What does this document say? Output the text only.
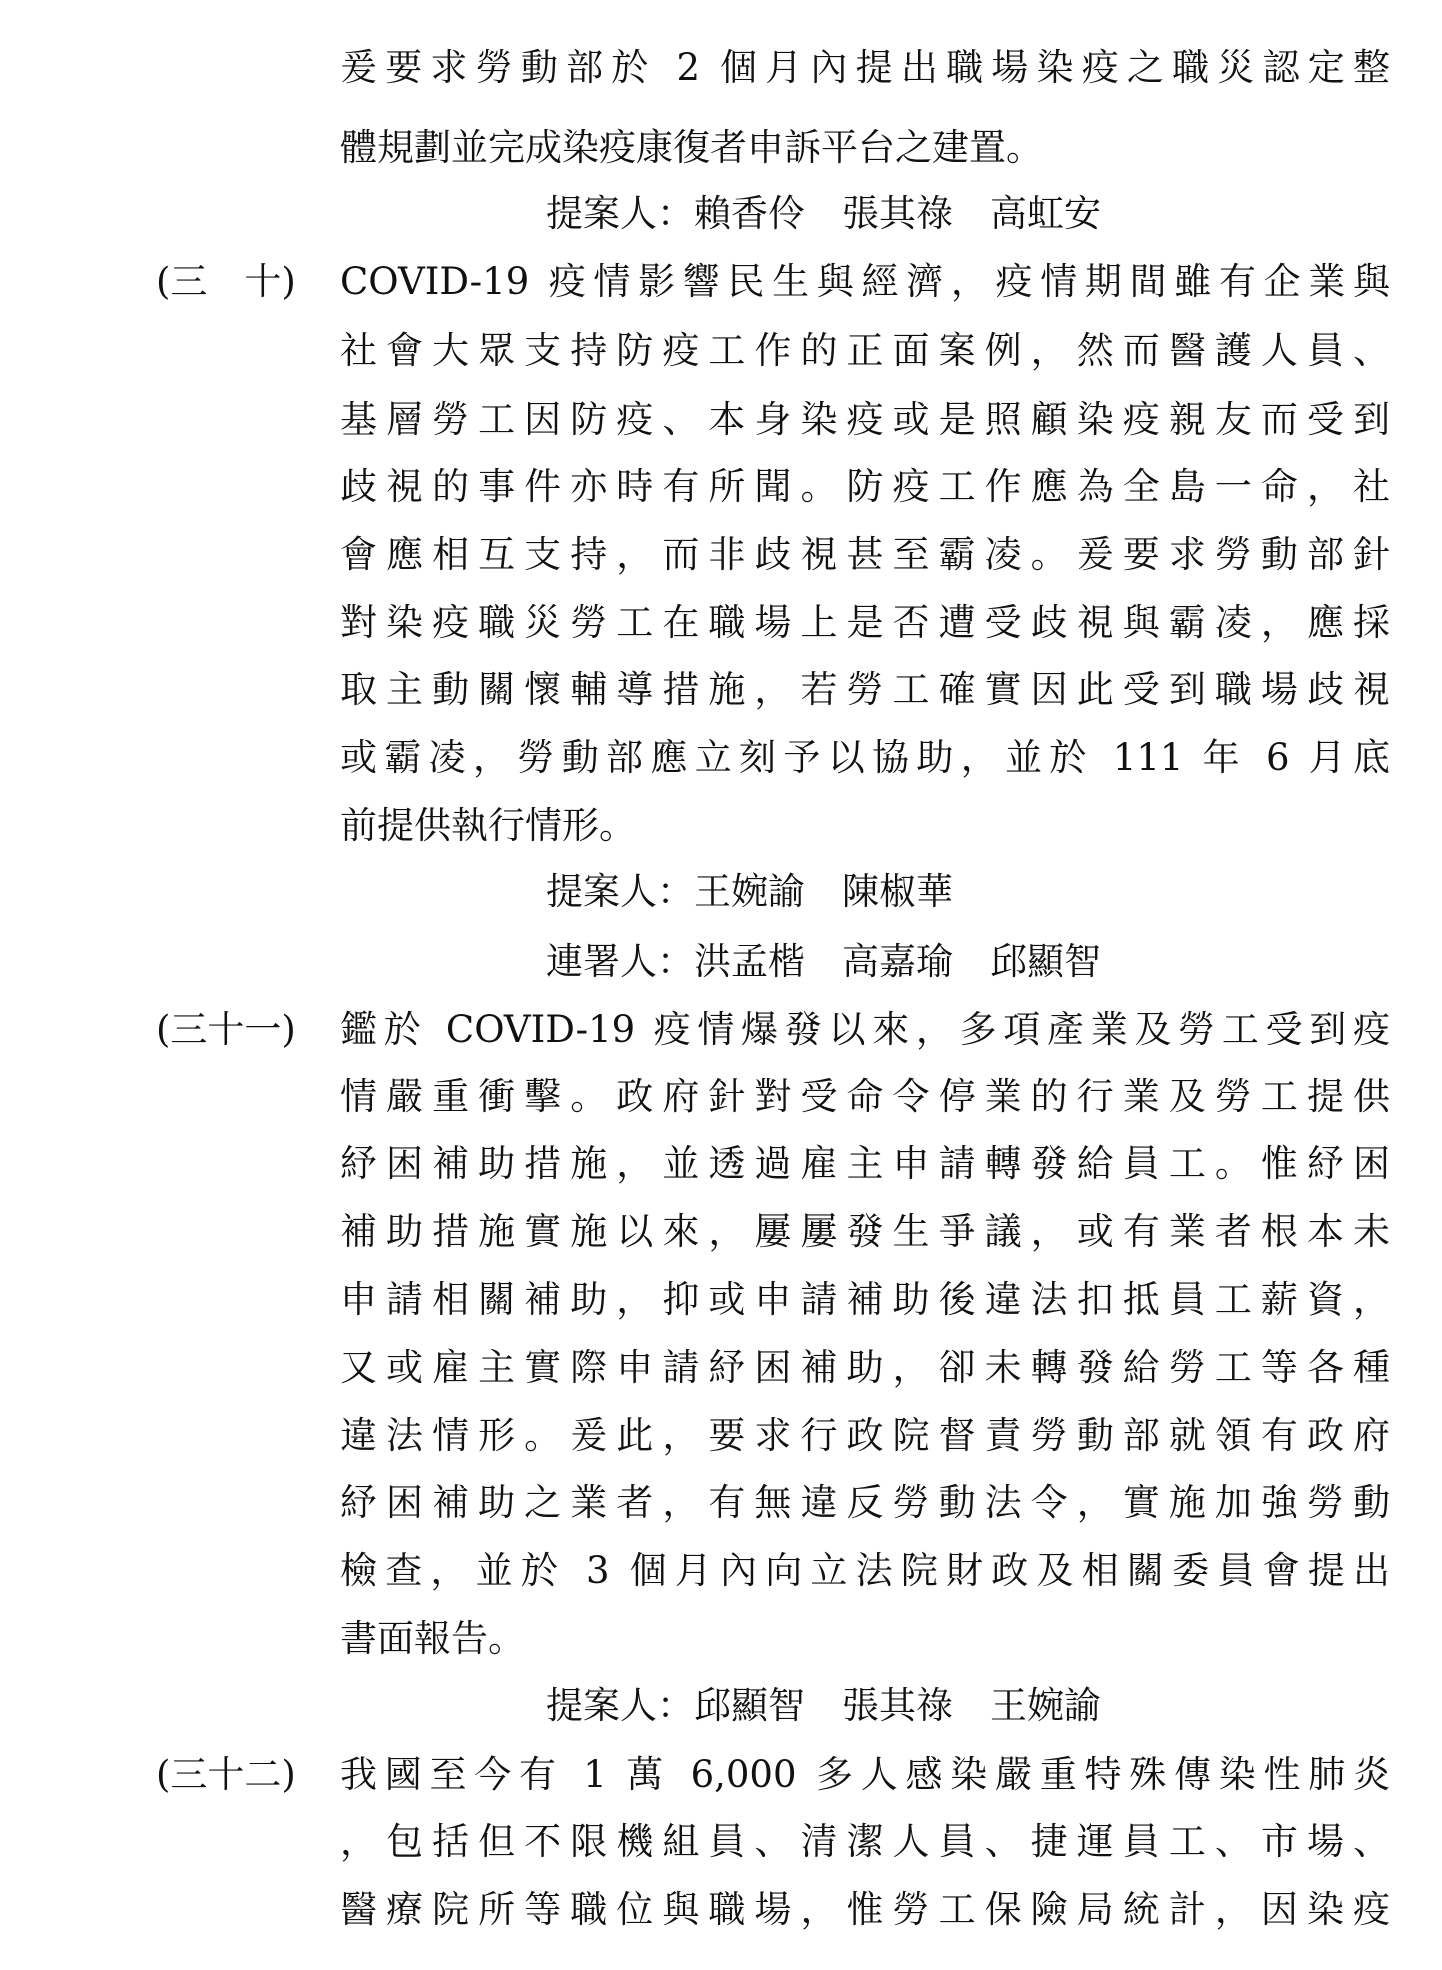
爰要求勞動部於 2 個月內提出職場染疫之職災認定整
體規劃並完成染疫康復者申訴平台之建置。
提案人：賴香伶　張其祿　高虹安
(三　十) COVID-19 疫情影響民生與經濟，疫情期間雖有企業與
社會大眾支持防疫工作的正面案例，然而醫護人員、
基層勞工因防疫、本身染疫或是照顧染疫親友而受到
歧視的事件亦時有所聞。防疫工作應為全島一命，社
會應相互支持，而非歧視甚至霸凌。爰要求勞動部針
對染疫職災勞工在職場上是否遭受歧視與霸凌，應採
取主動關懷輔導措施，若勞工確實因此受到職場歧視
或霸凌，勞動部應立刻予以協助，並於 111 年 6 月底
前提供執行情形。
提案人：王婉諭　陳椒華
連署人：洪孟楷　高嘉瑜　邱顯智
(三十一) 鑑於 COVID-19 疫情爆發以來，多項產業及勞工受到疫
情嚴重衝擊。政府針對受命令停業的行業及勞工提供
紓困補助措施，並透過雇主申請轉發給員工。惟紓困
補助措施實施以來，屢屢發生爭議，或有業者根本未
申請相關補助，抑或申請補助後違法扣抵員工薪資，
又或雇主實際申請紓困補助，卻未轉發給勞工等各種
違法情形。爰此，要求行政院督責勞動部就領有政府
紓困補助之業者，有無違反勞動法令，實施加強勞動
檢查，並於 3 個月內向立法院財政及相關委員會提出
書面報告。
提案人：邱顯智　張其祿　王婉諭
(三十二) 我國至今有 1 萬 6,000 多人感染嚴重特殊傳染性肺炎
，包括但不限機組員、清潔人員、捷運員工、市場、
醫療院所等職位與職場，惟勞工保險局統計，因染疫
